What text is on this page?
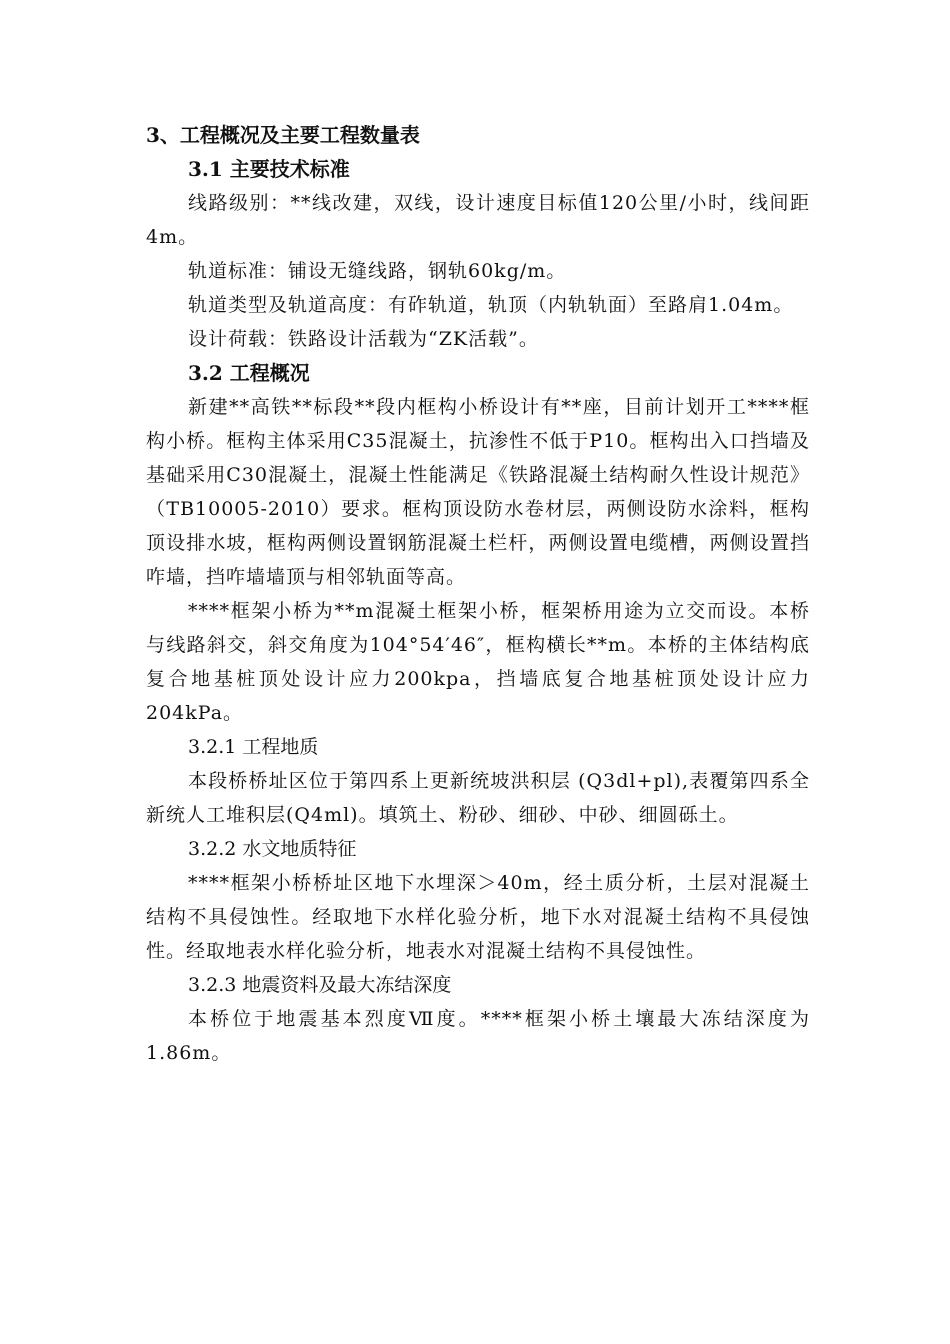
3、工程概况及主要工程数量表

3.1 主要技术标准

线路级别：**线改建，双线，设计速度目标值120公里/小时，线间距4m。

轨道标准：铺设无缝线路，钢轨60kg/m。

轨道类型及轨道高度：有砟轨道，轨顶（内轨轨面）至路肩1.04m。

设计荷载：铁路设计活载为“ZK活载”。

3.2 工程概况

新建**高铁**标段**段内框构小桥设计有**座，目前计划开工****框构小桥。框构主体采用C35混凝土，抗渗性不低于P10。框构出入口挡墙及基础采用C30混凝土，混凝土性能满足《铁路混凝土结构耐久性设计规范》（TB10005-2010）要求。框构顶设防水卷材层，两侧设防水涂料，框构顶设排水坡，框构两侧设置钢筋混凝土栏杆，两侧设置电缆槽，两侧设置挡咋墙，挡咋墙墙顶与相邻轨面等高。

****框架小桥为**m混凝土框架小桥，框架桥用途为立交而设。本桥与线路斜交，斜交角度为104°54′46″，框构横长**m。本桥的主体结构底复合地基桩顶处设计应力200kpa，挡墙底复合地基桩顶处设计应力204kPa。

3.2.1 工程地质

本段桥桥址区位于第四系上更新统坡洪积层 (Q3dl+pl),表覆第四系全新统人工堆积层(Q4ml)。填筑土、粉砂、细砂、中砂、细圆砾土。

3.2.2 水文地质特征

****框架小桥桥址区地下水埋深＞40m，经土质分析，土层对混凝土结构不具侵蚀性。经取地下水样化验分析，地下水对混凝土结构不具侵蚀性。经取地表水样化验分析，地表水对混凝土结构不具侵蚀性。

3.2.3 地震资料及最大冻结深度

本桥位于地震基本烈度Ⅶ度。****框架小桥土壤最大冻结深度为1.86m。
